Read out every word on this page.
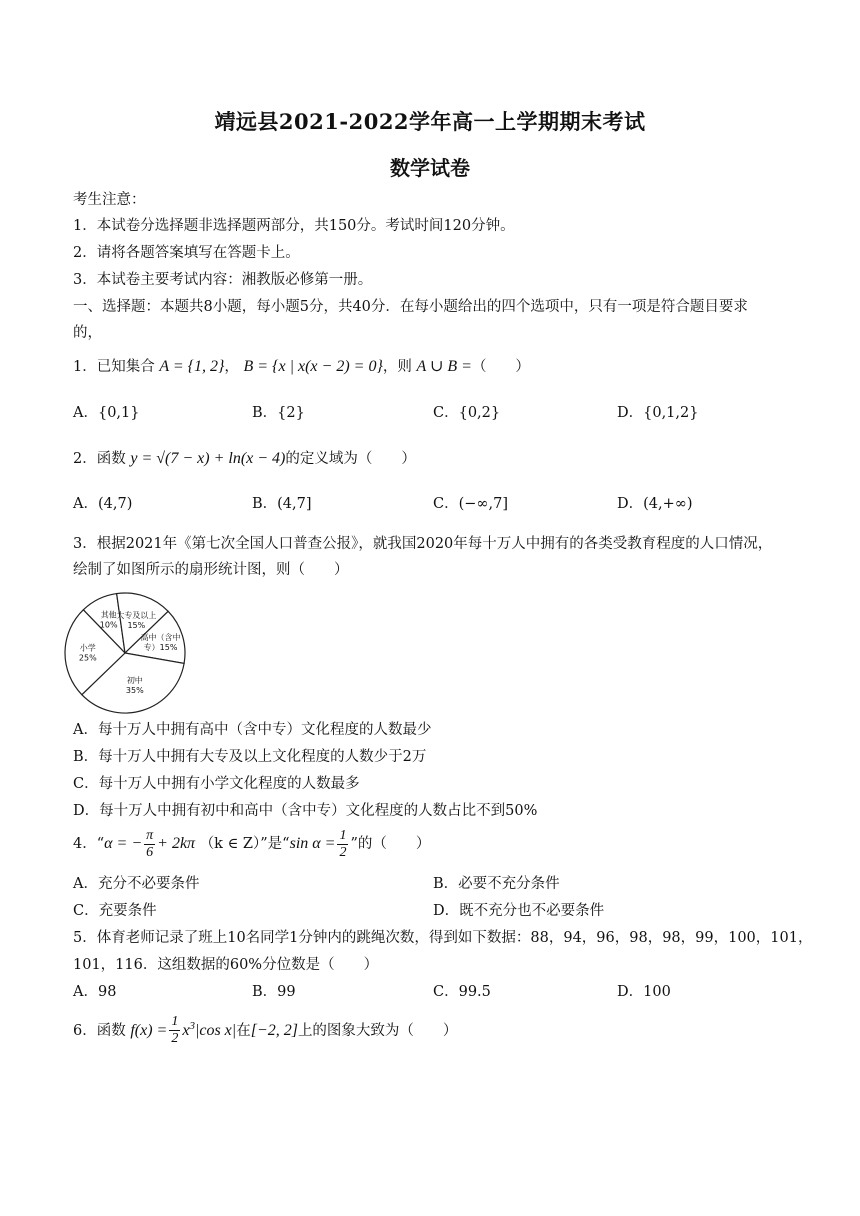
靖远县2021-2022学年高一上学期期末考试
数学试卷
考生注意：
1．本试卷分选择题非选择题两部分，共150分。考试时间120分钟。
2．请将各题答案填写在答题卡上。
3．本试卷主要考试内容：湘教版必修第一册。
一、选择题：本题共8小题，每小题5分，共40分．在每小题给出的四个选项中，只有一项是符合题目要求
的，
1．已知集合 A = {1, 2}， B = {x | x(x − 2) = 0}，则 A ∪ B =（　　）
A．{0,1}	B．{2}	C．{0,2}	D．{0,1,2}
2．函数 y = √(7 − x) + ln(x − 4)的定义域为（　　）
A．(4,7)	B．(4,7]	C．(−∞,7]	D．(4,+∞)
3．根据2021年《第七次全国人口普查公报》，就我国2020年每十万人中拥有的各类受教育程度的人口情况，
绘制了如图所示的扇形统计图，则（　　）
其他
10%
大专及以上
15%
高中（含中
专）15%
初中
35%
小学
25%
A．每十万人中拥有高中（含中专）文化程度的人数最少
B．每十万人中拥有大专及以上文化程度的人数少于2万
C．每十万人中拥有小学文化程度的人数最多
D．每十万人中拥有初中和高中（含中专）文化程度的人数占比不到50%
4．“α = − $\frac{\pi}{6} + 2k\pi$ （k ∈ Z）”是“sin $\alpha = \frac{1}{2}$ ”的（　　）
A．充分不必要条件	B．必要不充分条件
C．充要条件	D．既不充分也不必要条件
5．体育老师记录了班上10名同学1分钟内的跳绳次数，得到如下数据：88，94，96，98，98，99，100，101，
101，116．这组数据的60%分位数是（　　）
A．98	B．99	C．99.5	D．100
6．函数 $f(x) = \frac{1}{2} x^3|\cos$ x|在[−2, 2]上的图象大致为（　　）
